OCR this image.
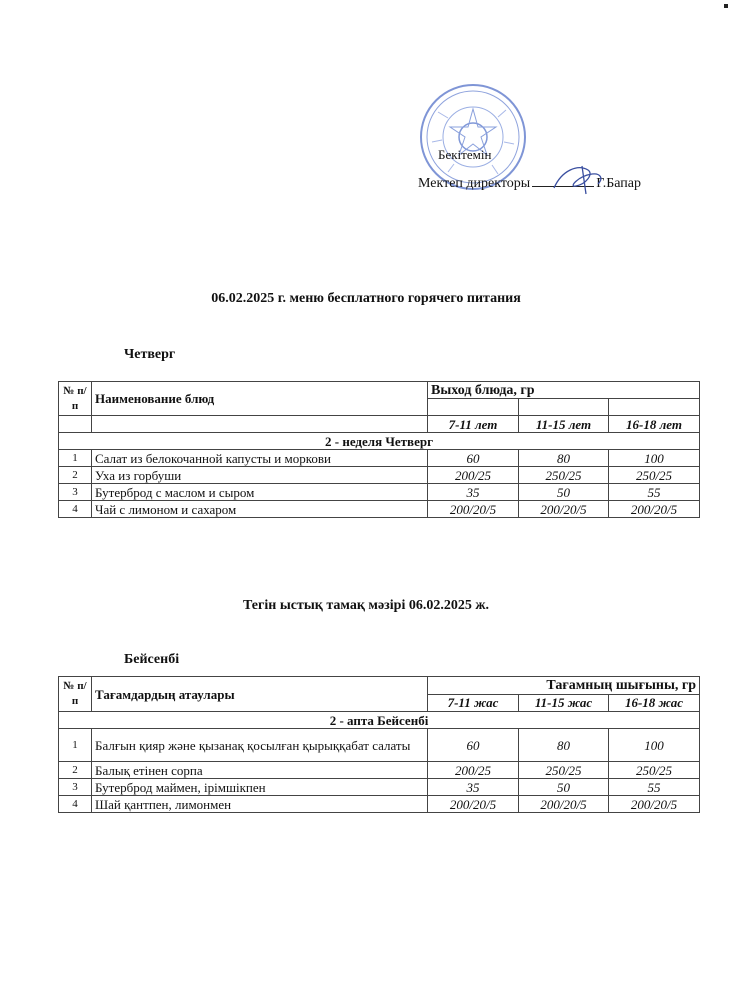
Бекітемін
Мектеп директоры	Г.Бапар
06.02.2025 г. меню бесплатного горячего питания
Четверг
№ п/п	Наименование блюд	Выход блюда, гр		

		7-11 лет	11-15 лет	16-18 лет
2 - неделя Четверг				
1	Салат из белокочанной капусты и моркови	60	80	100
2	Уха из горбуши	200/25	250/25	250/25
3	Бутерброд с маслом и сыром	35	50	55
4	Чай с лимоном и сахаром	200/20/5	200/20/5	200/20/5
Тегін ыстық тамақ мәзірі 06.02.2025 ж.
Бейсенбі
№ п/п	Тағамдардың атаулары	Тағамның шығыны, гр		
		7-11 жас	11-15 жас	16-18 жас
2 - апта Бейсенбі				
1	Балғын қияр және қызанақ қосылған қырыққабат салаты	60	80	100
2	Балық етінен сорпа	200/25	250/25	250/25
3	Бутерброд маймен, ірімшікпен	35	50	55
4	Шай қантпен, лимонмен	200/20/5	200/20/5	200/20/5
